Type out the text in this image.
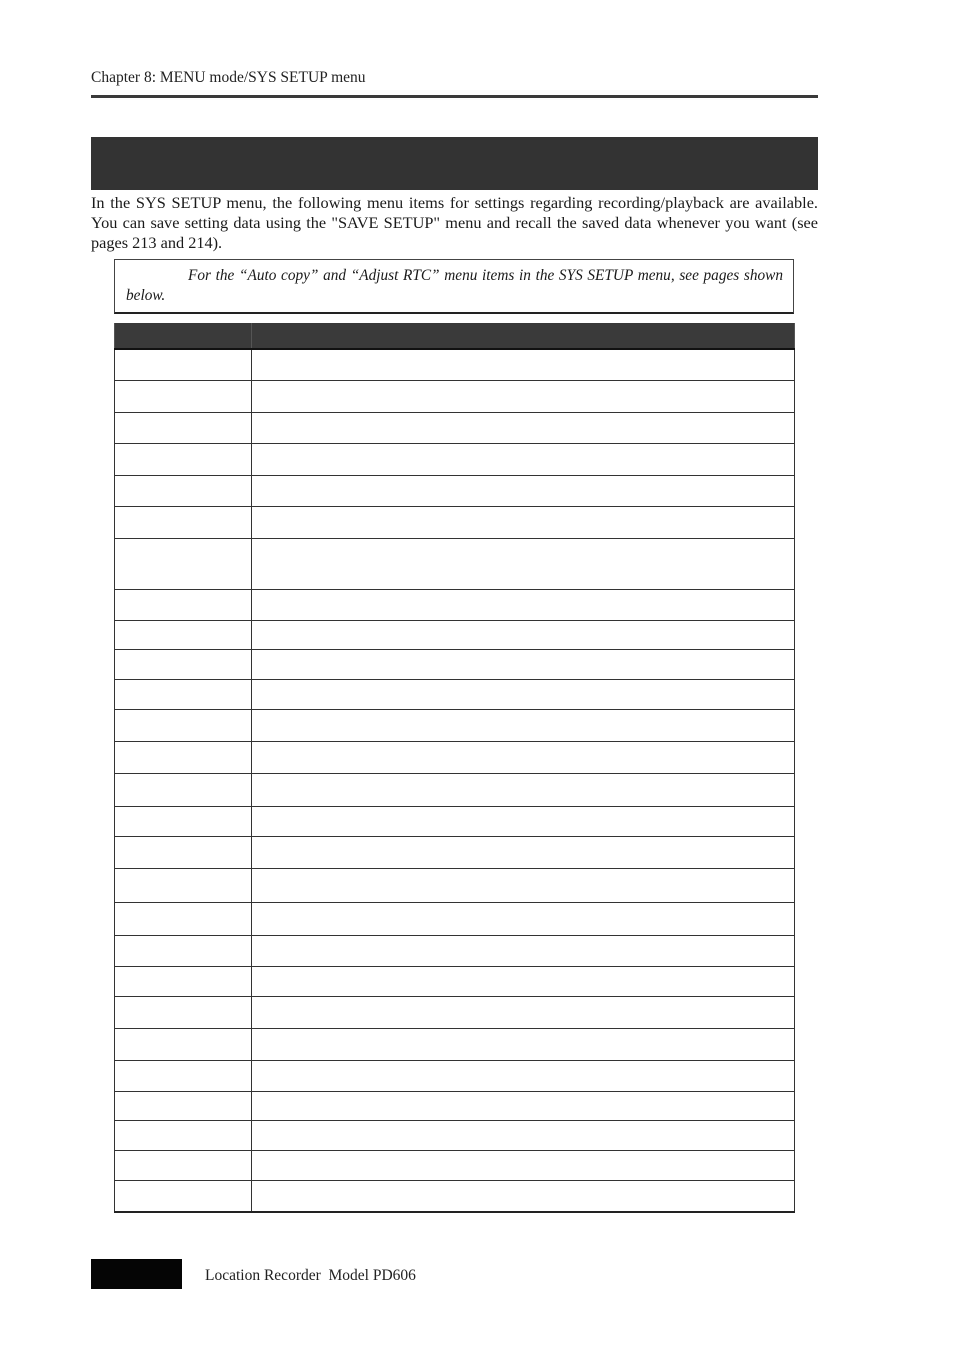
Chapter 8: MENU mode/SYS SETUP menu

In the SYS SETUP menu, the following menu items for settings regarding recording/playback are available. You can save setting data using the "SAVE SETUP" menu and recall the saved data whenever you want (see pages 213 and 214).

For the “Auto copy” and “Adjust RTC” menu items in the SYS SETUP menu, see pages shown below.

Location Recorder  Model PD606
